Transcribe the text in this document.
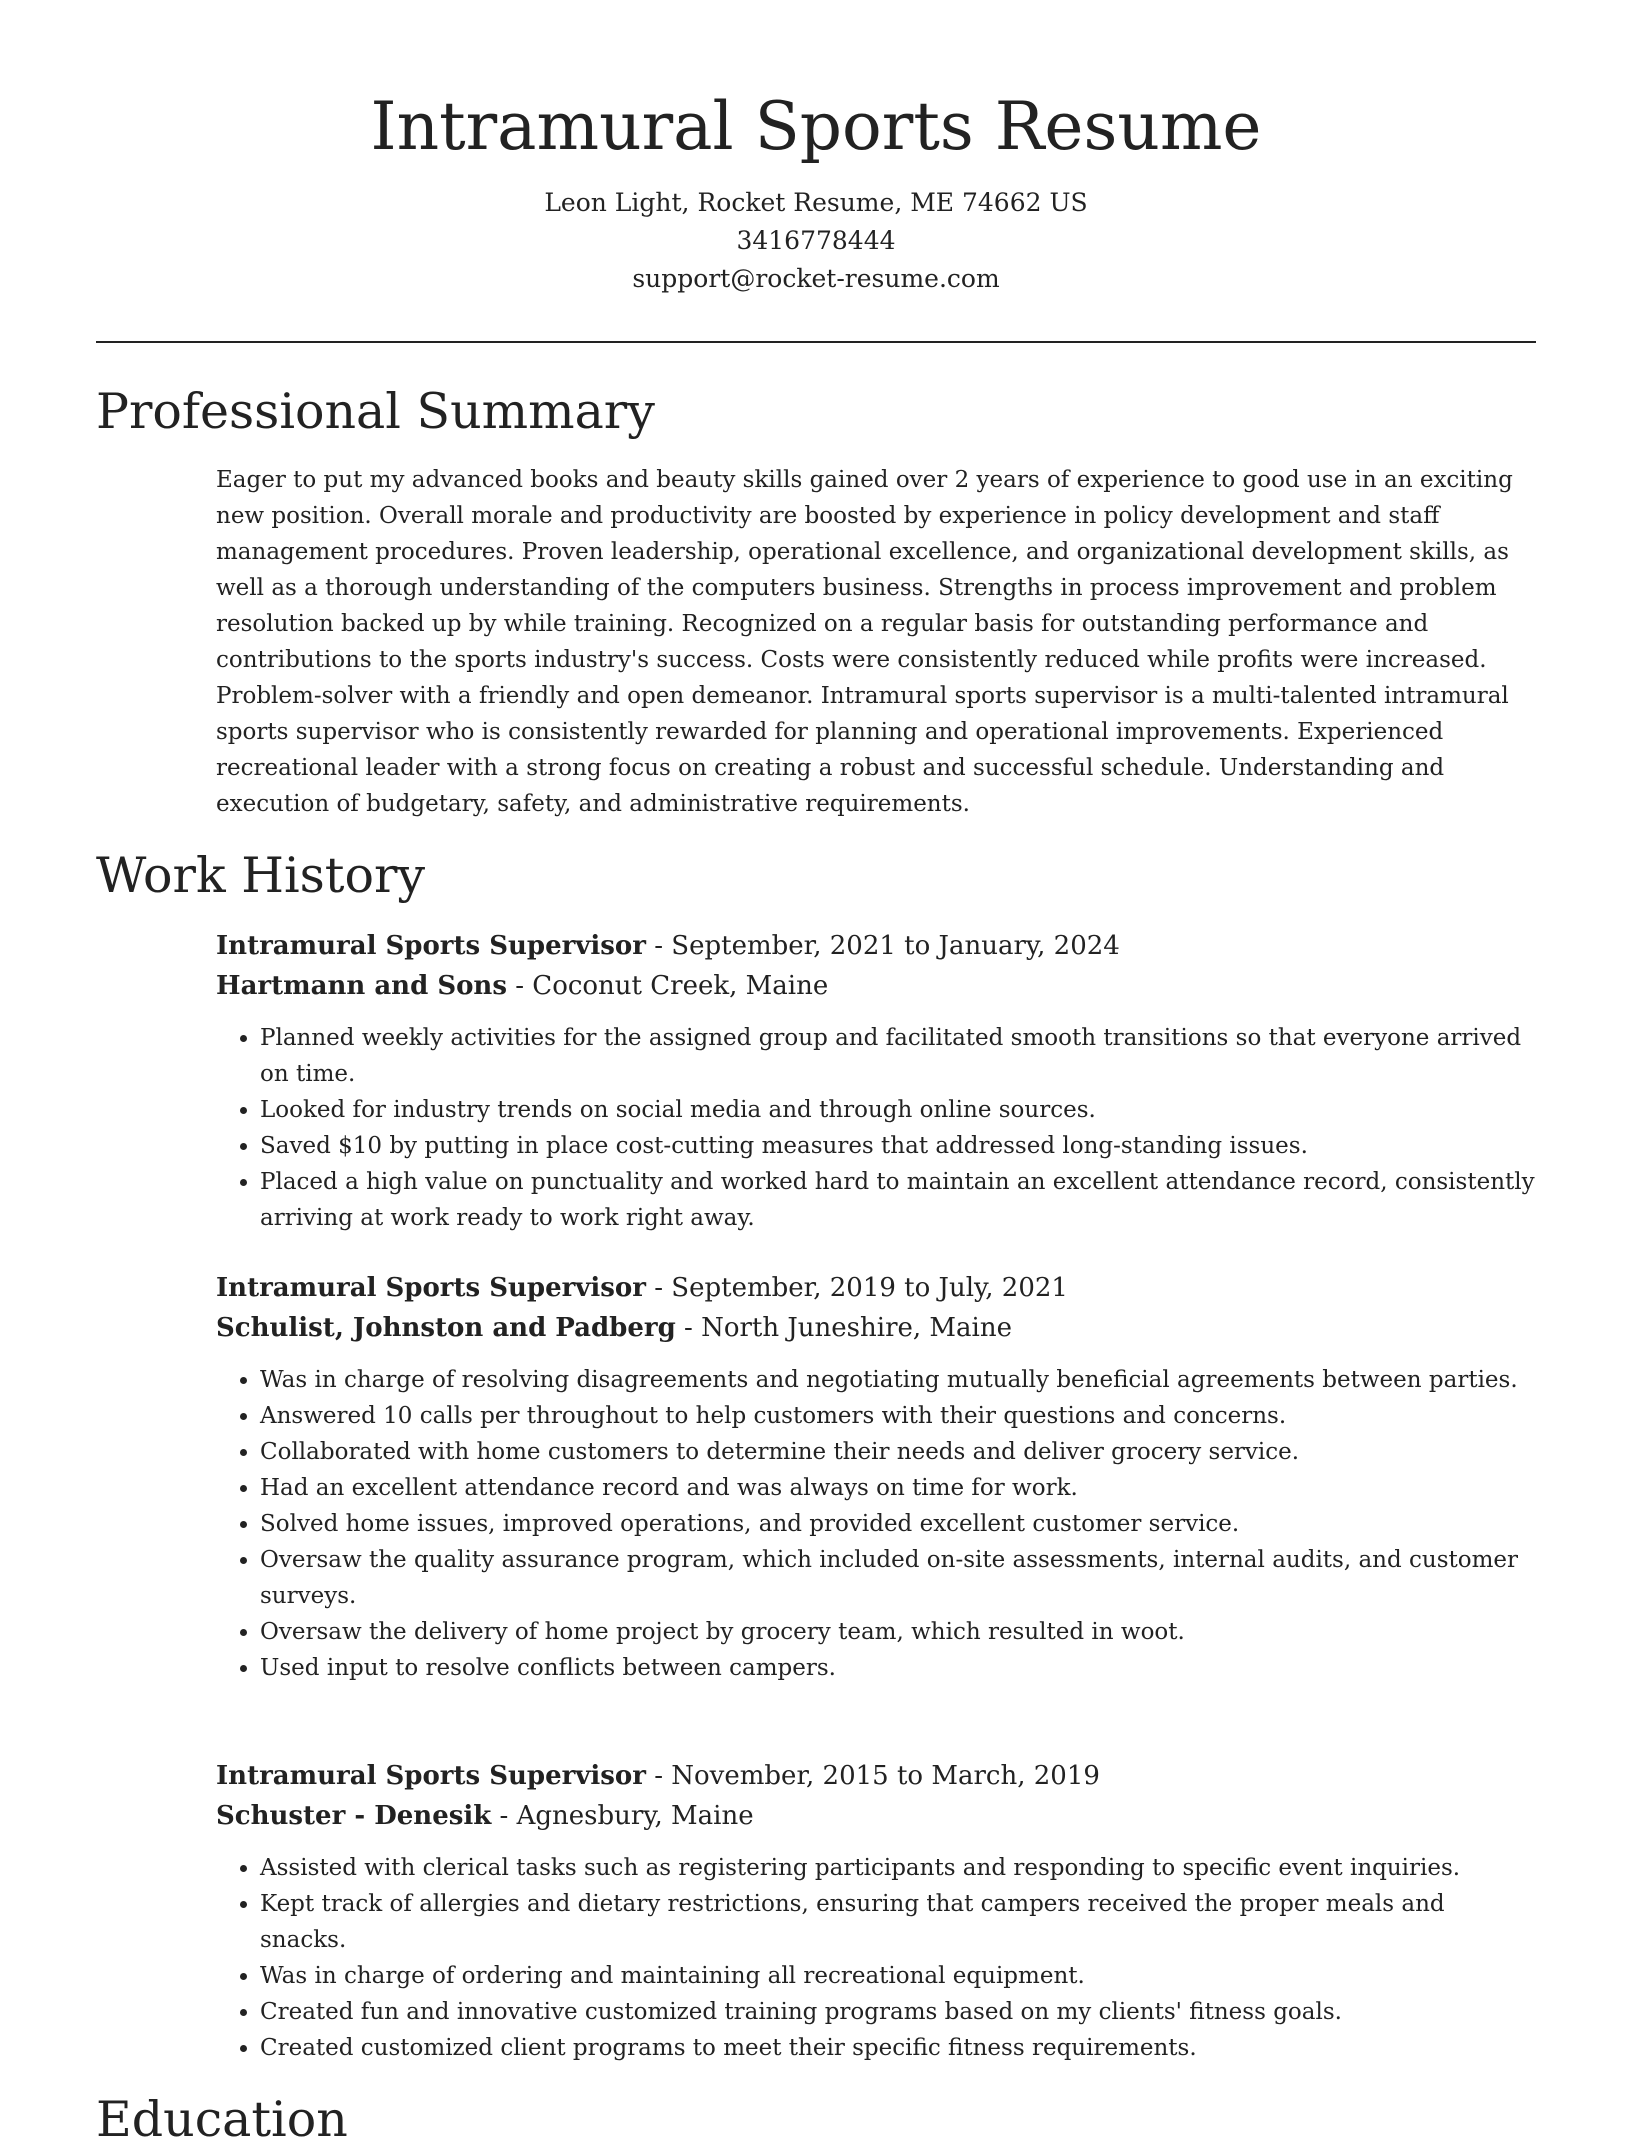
Intramural Sports Resume

Leon Light, Rocket Resume, ME 74662 US

3416778444

support@rocket-resume.com

Professional Summary

Eager to put my advanced books and beauty skills gained over 2 years of experience to good use in an exciting new position. Overall morale and productivity are boosted by experience in policy development and staff management procedures. Proven leadership, operational excellence, and organizational development skills, as well as a thorough understanding of the computers business. Strengths in process improvement and problem resolution backed up by while training. Recognized on a regular basis for outstanding performance and contributions to the sports industry's success. Costs were consistently reduced while profits were increased. Problem-solver with a friendly and open demeanor. Intramural sports supervisor is a multi-talented intramural sports supervisor who is consistently rewarded for planning and operational improvements. Experienced recreational leader with a strong focus on creating a robust and successful schedule. Understanding and execution of budgetary, safety, and administrative requirements.

Work History

Intramural Sports Supervisor - September, 2021 to January, 2024

Hartmann and Sons - Coconut Creek, Maine

• Planned weekly activities for the assigned group and facilitated smooth transitions so that everyone arrived on time.
• Looked for industry trends on social media and through online sources.
• Saved $10 by putting in place cost-cutting measures that addressed long-standing issues.
• Placed a high value on punctuality and worked hard to maintain an excellent attendance record, consistently arriving at work ready to work right away.

Intramural Sports Supervisor - September, 2019 to July, 2021

Schulist, Johnston and Padberg - North Juneshire, Maine

• Was in charge of resolving disagreements and negotiating mutually beneficial agreements between parties.
• Answered 10 calls per throughout to help customers with their questions and concerns.
• Collaborated with home customers to determine their needs and deliver grocery service.
• Had an excellent attendance record and was always on time for work.
• Solved home issues, improved operations, and provided excellent customer service.
• Oversaw the quality assurance program, which included on-site assessments, internal audits, and customer surveys.
• Oversaw the delivery of home project by grocery team, which resulted in woot.
• Used input to resolve conflicts between campers.

Intramural Sports Supervisor - November, 2015 to March, 2019

Schuster - Denesik - Agnesbury, Maine

• Assisted with clerical tasks such as registering participants and responding to specific event inquiries.
• Kept track of allergies and dietary restrictions, ensuring that campers received the proper meals and snacks.
• Was in charge of ordering and maintaining all recreational equipment.
• Created fun and innovative customized training programs based on my clients' fitness goals.
• Created customized client programs to meet their specific fitness requirements.
Education
